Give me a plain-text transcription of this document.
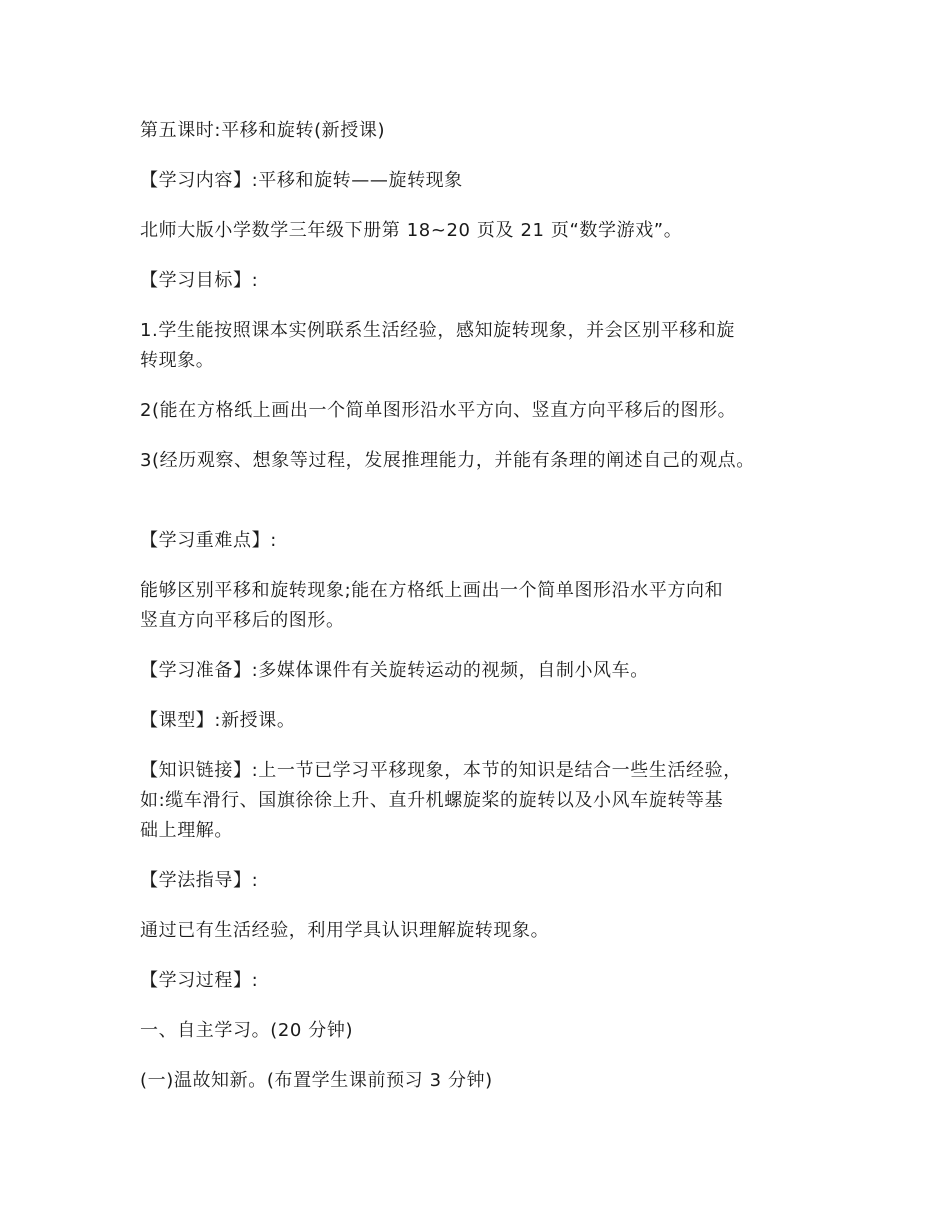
第五课时:平移和旋转(新授课)
【学习内容】:平移和旋转——旋转现象
北师大版小学数学三年级下册第 18~20 页及 21 页“数学游戏”。
【学习目标】:
1.学生能按照课本实例联系生活经验，感知旋转现象，并会区别平移和旋
转现象。
2(能在方格纸上画出一个简单图形沿水平方向、竖直方向平移后的图形。
3(经历观察、想象等过程，发展推理能力，并能有条理的阐述自己的观点。
【学习重难点】:
能够区别平移和旋转现象;能在方格纸上画出一个简单图形沿水平方向和
竖直方向平移后的图形。
【学习准备】:多媒体课件有关旋转运动的视频，自制小风车。
【课型】:新授课。
【知识链接】:上一节已学习平移现象，本节的知识是结合一些生活经验，
如:缆车滑行、国旗徐徐上升、直升机螺旋桨的旋转以及小风车旋转等基
础上理解。
【学法指导】:
通过已有生活经验，利用学具认识理解旋转现象。
【学习过程】:
一、自主学习。(20 分钟)
(一)温故知新。(布置学生课前预习 3 分钟)
